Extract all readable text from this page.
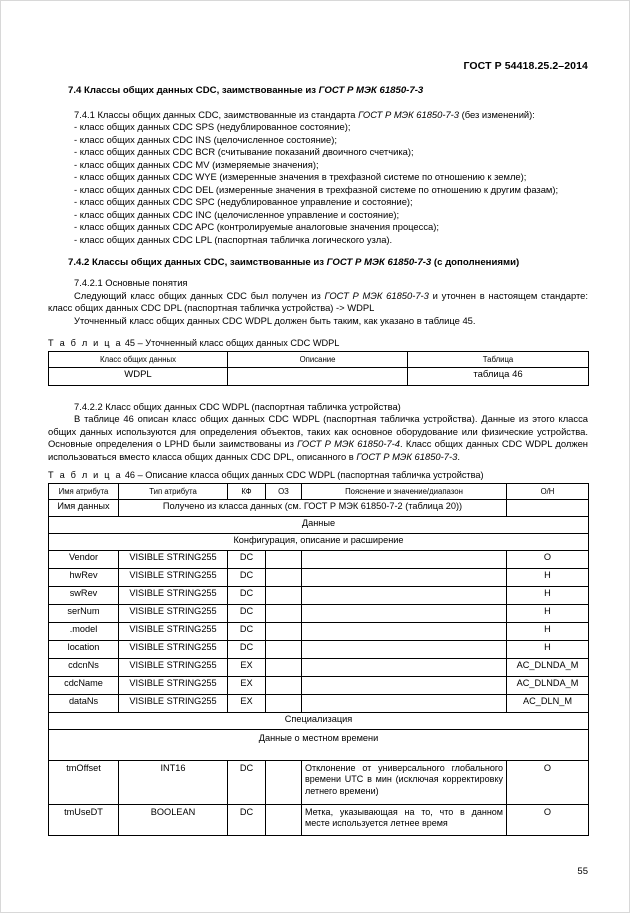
ГОСТ Р 54418.25.2–2014
7.4 Классы общих данных CDC, заимствованные из ГОСТ Р МЭК 61850-7-3

7.4.1 Классы общих данных CDC, заимствованные из стандарта ГОСТ Р МЭК 61850-7-3 (без изменений):

- класс общих данных CDC SPS (недублированное состояние);
- класс общих данных CDC INS (целочисленное состояние);
- класс общих данных CDC BCR (считывание показаний двоичного счетчика);
- класс общих данных CDC MV (измеряемые значения);
- класс общих данных CDC WYE (измеренные значения в трехфазной системе по отношению к земле);
- класс общих данных CDC DEL (измеренные значения в трехфазной системе по отношению к другим фазам);
- класс общих данных CDC SPC (недублированное управление и состояние);
- класс общих данных CDC INC (целочисленное управление и состояние);
- класс общих данных CDC APC (контролируемые аналоговые значения процесса);
- класс общих данных CDC LPL (паспортная табличка логического узла).
7.4.2 Классы общих данных CDC, заимствованные из ГОСТ Р МЭК 61850-7-3 (с дополнениями)

7.4.2.1 Основные понятия

Следующий класс общих данных CDC был получен из ГОСТ Р МЭК 61850-7-3 и уточнен в настоящем стандарте: класс общих данных CDC DPL (паспортная табличка устройства) -> WDPL

Уточненный класс общих данных CDC WDPL должен быть таким, как указано в таблице 45.

Т а б л и ц а 45 – Уточненный класс общих данных CDC WDPL
Класс общих данных	Описание	Таблица
WDPL		таблица 46

7.4.2.2 Класс общих данных CDC WDPL (паспортная табличка устройства)

В таблице 46 описан класс общих данных CDC WDPL (паспортная табличка устройства). Данные из этого класса общих данных используются для определения объектов, таких как основное оборудование или физические устройства. Основные определения о LPHD были заимствованы из ГОСТ Р МЭК 61850-7-4. Класс общих данных CDC WDPL должен использоваться вместо класса общих данных CDC DPL, описанного в ГОСТ Р МЭК 61850-7-3.

Т а б л и ц а 46 – Описание класса общих данных CDC WDPL (паспортная табличка устройства)
Имя атрибута	Тип атрибута	КФ	ОЗ	Пояснение и значение/диапазон	О/Н
Имя данных	Получено из класса данных (см. ГОСТ Р МЭК 61850-7-2 (таблица 20))				
Данные					
Конфигурация, описание и расширение					
Vendor	VISIBLE STRING255	DC			O
hwRev	VISIBLE STRING255	DC			Н
swRev	VISIBLE STRING255	DC			Н
serNum	VISIBLE STRING255	DC			Н
.model	VISIBLE STRING255	DC			Н
location	VISIBLE STRING255	DC			Н
cdcnNs	VISIBLE STRING255	EX			AC_DLNDA_M
cdcName	VISIBLE STRING255	EX			AC_DLNDA_M
dataNs	VISIBLE STRING255	EX			AC_DLN_M
Специализация					
Данные о местном времени					
tmOffset	INT16	DC		Отклонение от универсального глобального времени UTC в мин (исключая корректировку летнего времени)	O
tmUseDT	BOOLEAN	DC		Метка, указывающая на то, что в данном месте используется летнее время	O
55
